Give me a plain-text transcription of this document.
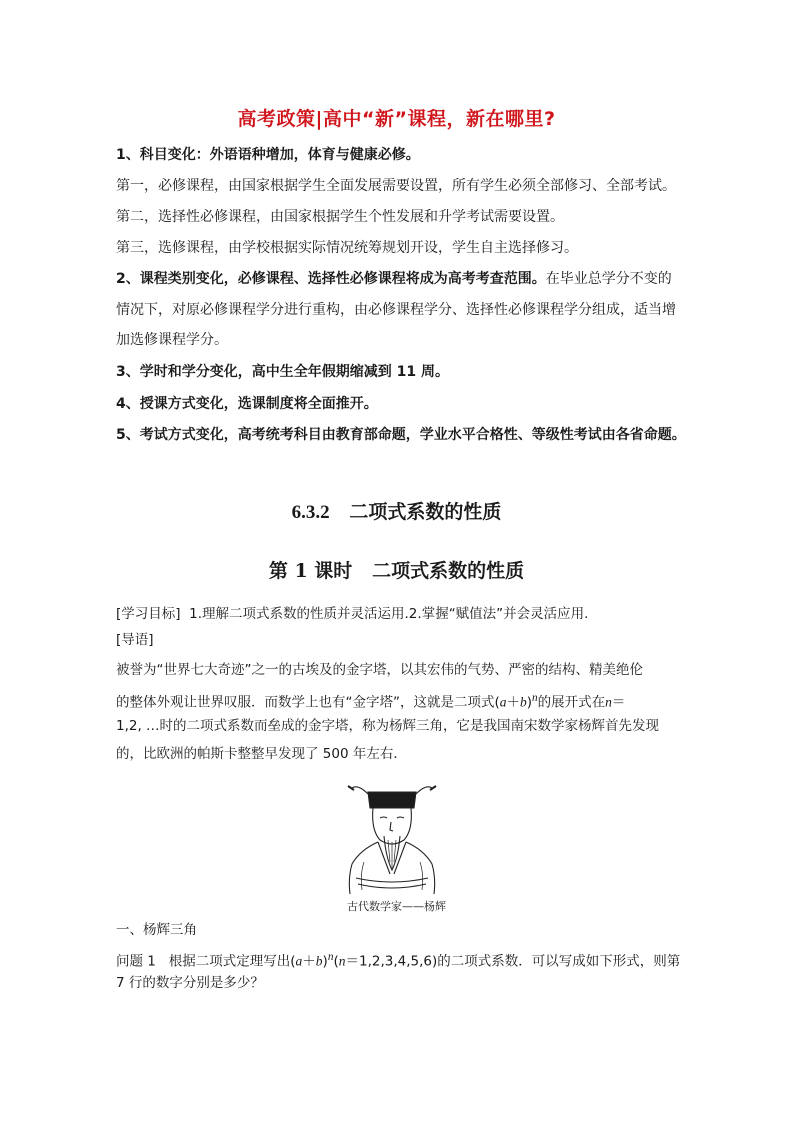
高考政策|高中“新”课程，新在哪里?
1、科目变化：外语语种增加，体育与健康必修。
第一，必修课程，由国家根据学生全面发展需要设置，所有学生必须全部修习、全部考试。
第二，选择性必修课程，由国家根据学生个性发展和升学考试需要设置。
第三，选修课程，由学校根据实际情况统筹规划开设，学生自主选择修习。
2、课程类别变化，必修课程、选择性必修课程将成为高考考查范围。在毕业总学分不变的
情况下，对原必修课程学分进行重构，由必修课程学分、选择性必修课程学分组成，适当增
加选修课程学分。
3、学时和学分变化，高中生全年假期缩减到 11 周。
4、授课方式变化，选课制度将全面推开。
5、考试方式变化，高考统考科目由教育部命题，学业水平合格性、等级性考试由各省命题。
6.3.2 二项式系数的性质
第 1 课时 二项式系数的性质
[学习目标] 1.理解二项式系数的性质并灵活运用.2.掌握“赋值法”并会灵活应用.
[导语]
被誉为“世界七大奇迹”之一的古埃及的金字塔，以其宏伟的气势、严密的结构、精美绝伦
的整体外观让世界叹服．而数学上也有“金字塔”，这就是二项式$(a+b)^n$的展开式在n＝
1,2, …时的二项式系数而垒成的金字塔，称为杨辉三角，它是我国南宋数学家杨辉首先发现
的，比欧洲的帕斯卡整整早发现了 500 年左右．
古代数学家——杨辉
一、杨辉三角
问题 1 根据二项式定理写出$(a+b)^n(n=1,2,3,4,5,6)$的二项式系数．可以写成如下形式，则第
7 行的数字分别是多少？
